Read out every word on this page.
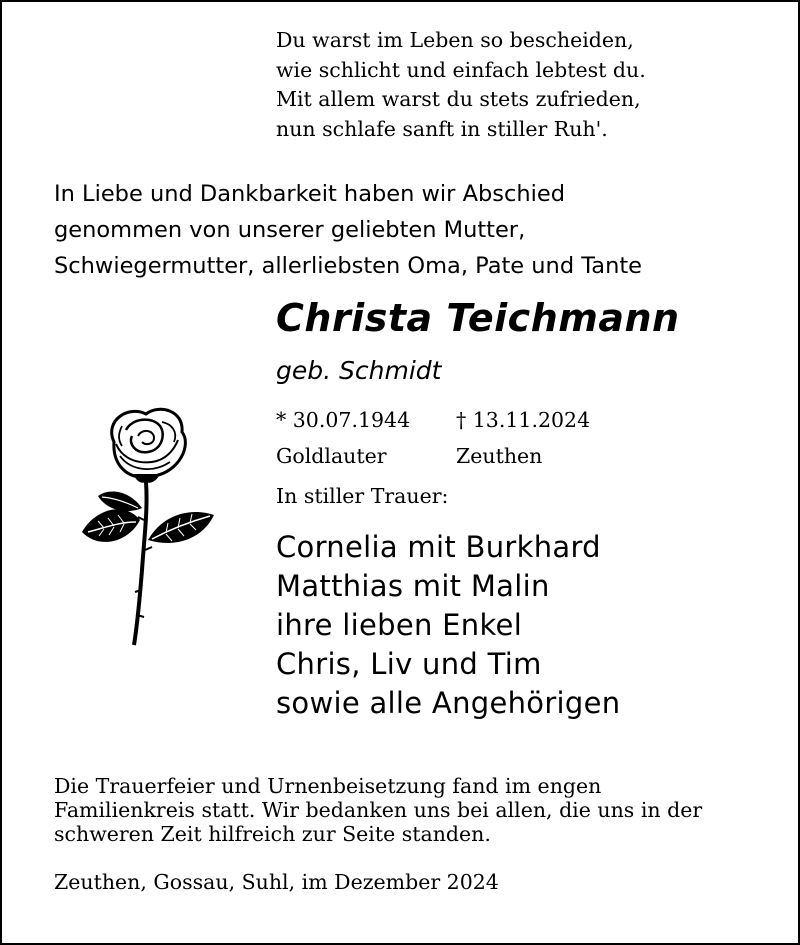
Du warst im Leben so bescheiden,
wie schlicht und einfach lebtest du.
Mit allem warst du stets zufrieden,
nun schlafe sanft in stiller Ruh'.
In Liebe und Dankbarkeit haben wir Abschied
genommen von unserer geliebten Mutter,
Schwiegermutter, allerliebsten Oma, Pate und Tante
Christa Teichmann
geb. Schmidt
* 30.07.1944 † 13.11.2024
Goldlauter	Zeuthen
In stiller Trauer:
Cornelia mit Burkhard
Matthias mit Malin
ihre lieben Enkel
Chris, Liv und Tim
sowie alle Angehörigen
Die Trauerfeier und Urnenbeisetzung fand im engen
Familienkreis statt. Wir bedanken uns bei allen, die uns in der
schweren Zeit hilfreich zur Seite standen.
Zeuthen, Gossau, Suhl, im Dezember 2024
